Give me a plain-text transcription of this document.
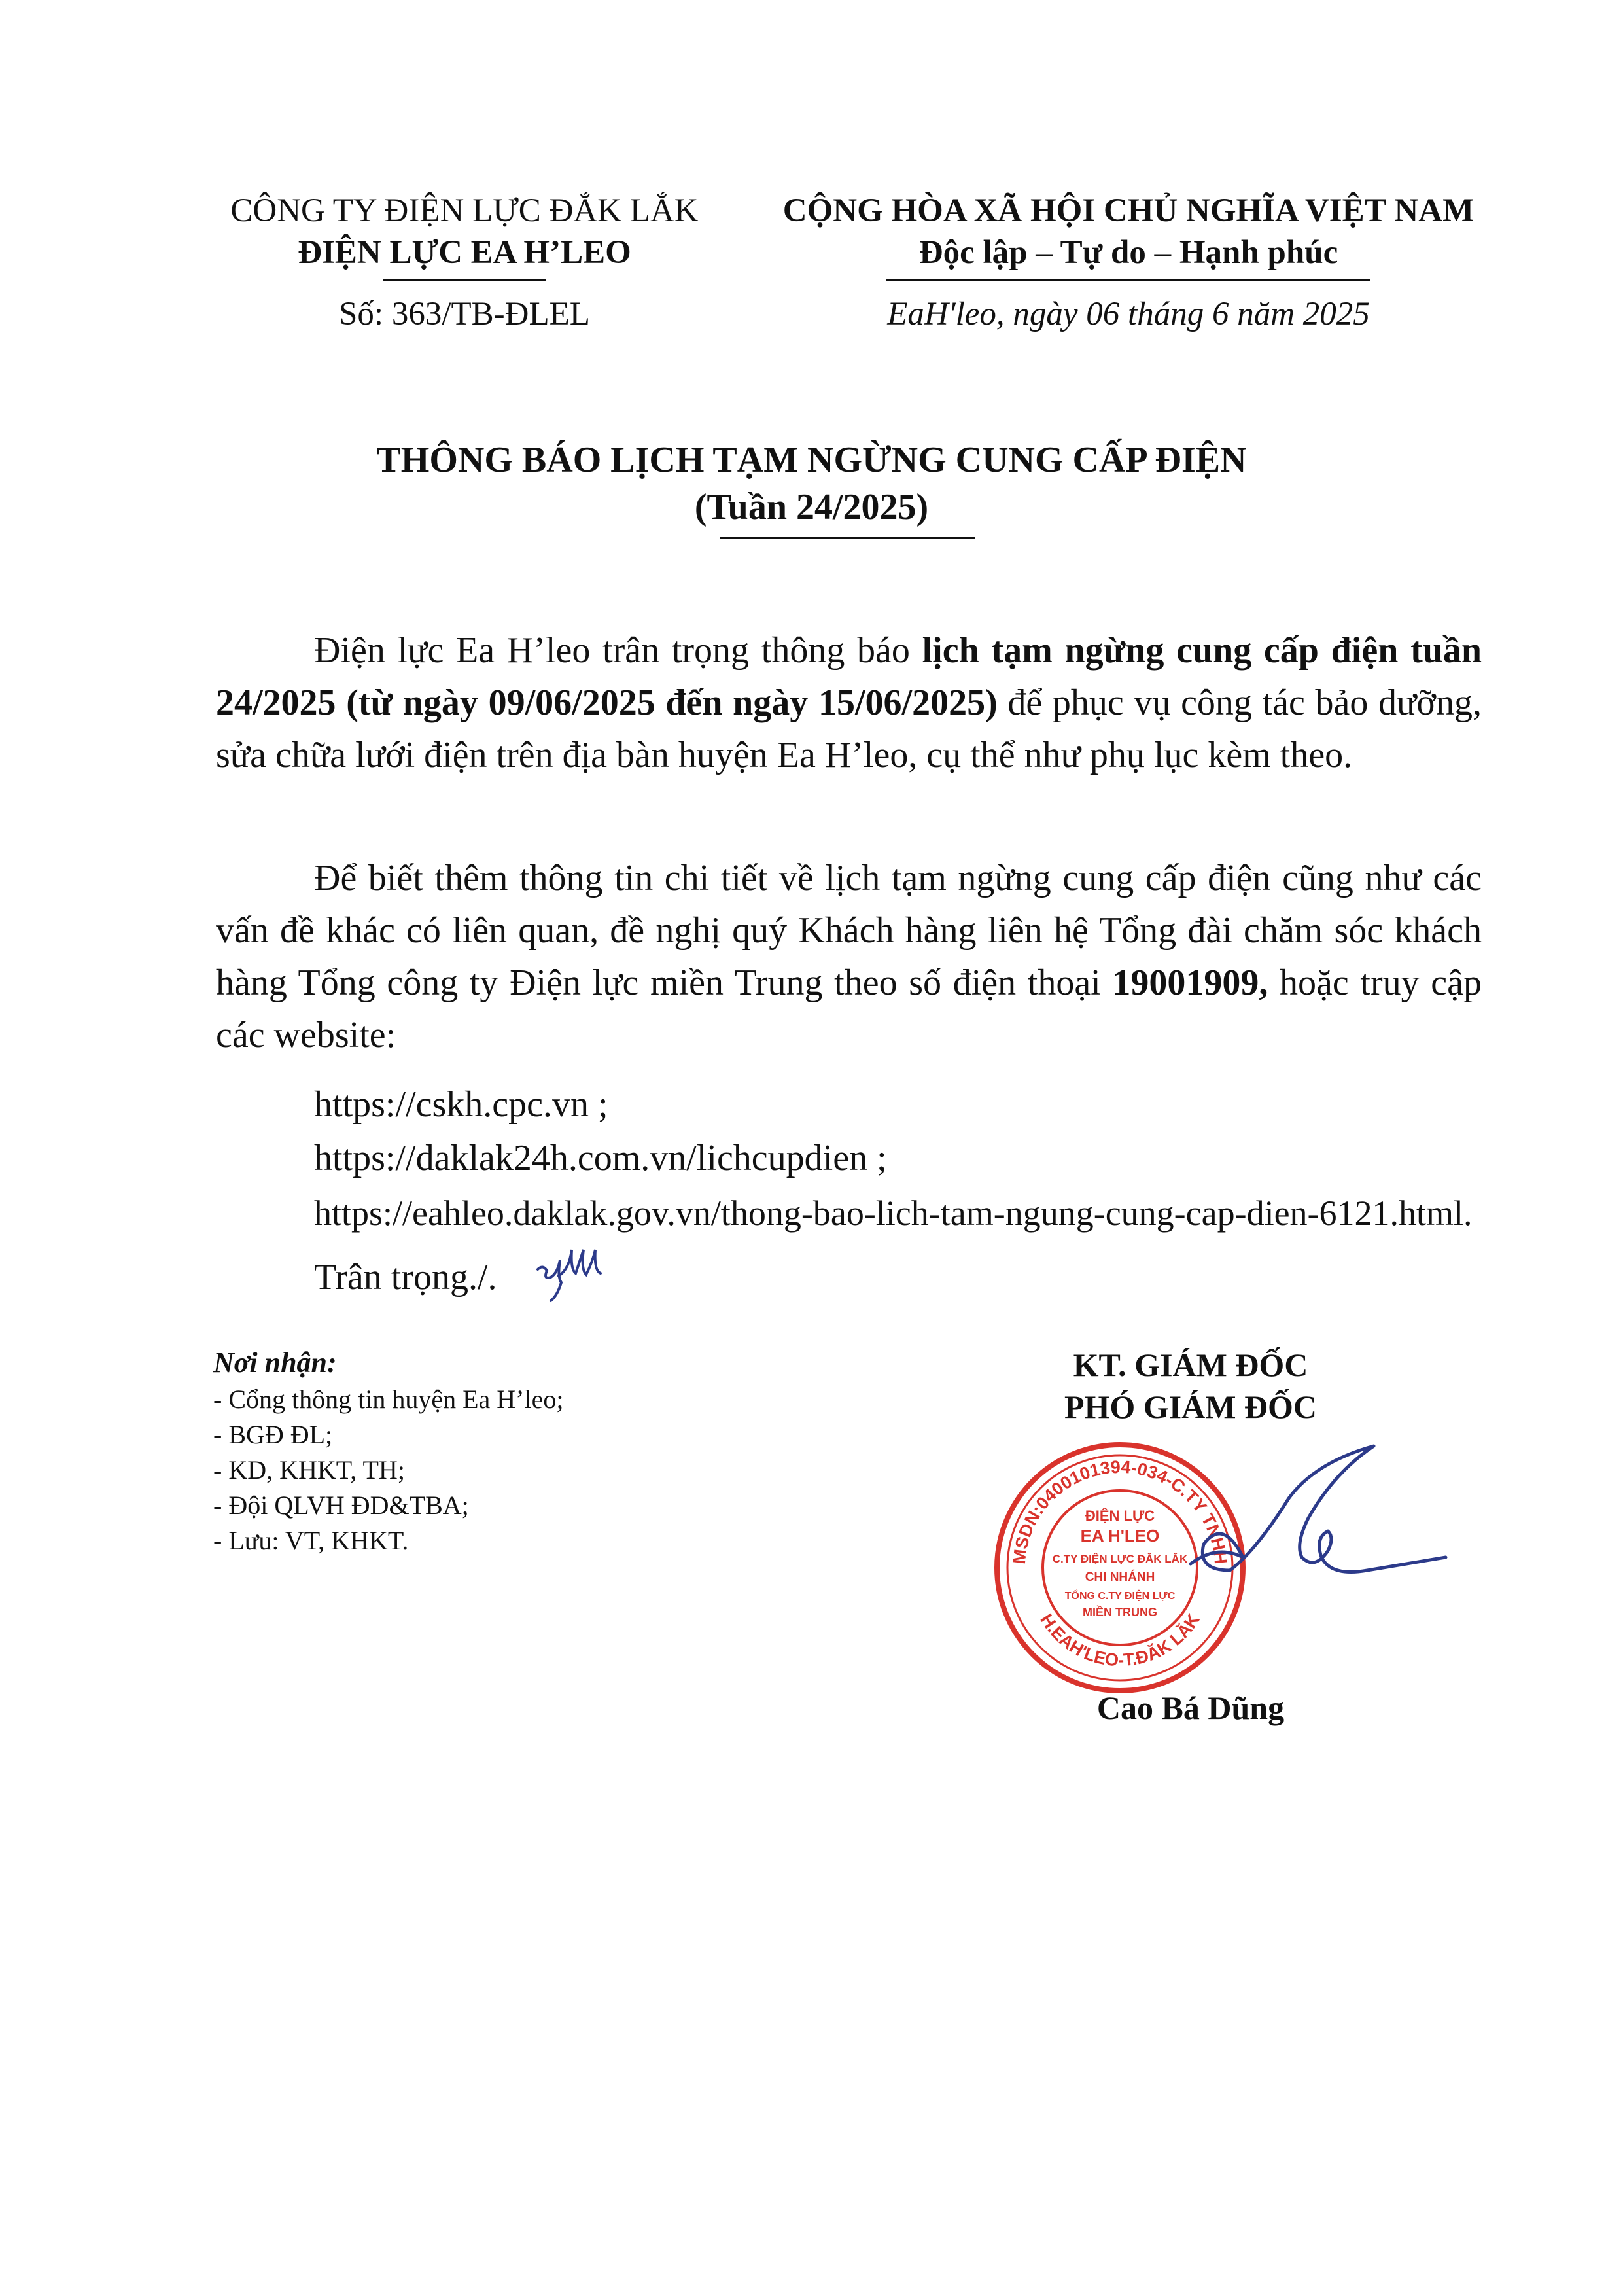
CÔNG TY ĐIỆN LỰC ĐẮK LẮK
ĐIỆN LỰC EA H’LEO
Số: 363/TB-ĐLEL
CỘNG HÒA XÃ HỘI CHỦ NGHĨA VIỆT NAM
Độc lập – Tự do – Hạnh phúc
EaH'leo, ngày 06 tháng 6 năm 2025
THÔNG BÁO LỊCH TẠM NGỪNG CUNG CẤP ĐIỆN
(Tuần 24/2025)

Điện lực Ea H’leo trân trọng thông báo lịch tạm ngừng cung cấp điện tuần 24/2025 (từ ngày 09/06/2025 đến ngày 15/06/2025) để phục vụ công tác bảo dưỡng, sửa chữa lưới điện trên địa bàn huyện Ea H’leo, cụ thể như phụ lục kèm theo.

Để biết thêm thông tin chi tiết về lịch tạm ngừng cung cấp điện cũng như các vấn đề khác có liên quan, đề nghị quý Khách hàng liên hệ Tổng đài chăm sóc khách hàng Tổng công ty Điện lực miền Trung theo số điện thoại 19001909, hoặc truy cập các website:

https://cskh.cpc.vn ;
https://daklak24h.com.vn/lichcupdien ;
https://eahleo.daklak.gov.vn/thong-bao-lich-tam-ngung-cung-cap-dien-6121.html.
Trân trọng./.
Nơi nhận:
- Cổng thông tin huyện Ea H’leo;
- BGĐ ĐL;
- KD, KHKT, TH;
- Đội QLVH ĐD&TBA;
- Lưu: VT, KHKT.
KT. GIÁM ĐỐC
PHÓ GIÁM ĐỐC
MSDN:0400101394-034-C.TY TNHH
H.EAH'LEO-T.ĐĂK LĂK
ĐIỆN LỰC
EA H'LEO
C.TY ĐIỆN LỰC ĐĂK LĂK
CHI NHÁNH
TỔNG C.TY ĐIỆN LỰC
MIỀN TRUNG
Cao Bá Dũng
